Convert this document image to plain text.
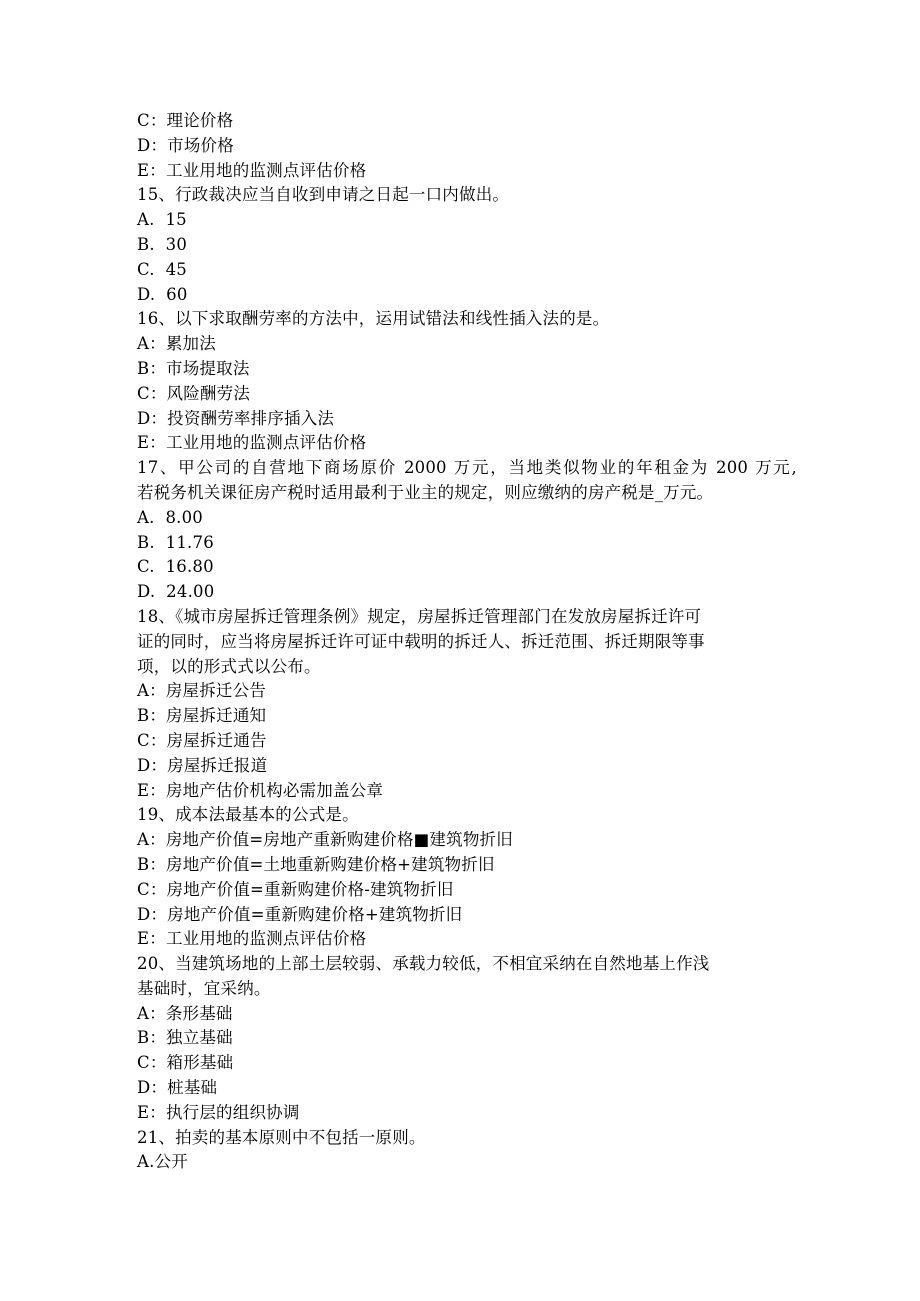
C：理论价格
D：市场价格
E：工业用地的监测点评估价格
15、行政裁决应当自收到申请之日起一口内做出。
A.  15
B.  30
C.  45
D.  60
16、以下求取酬劳率的方法中，运用试错法和线性插入法的是。
A：累加法
B：市场提取法
C：风险酬劳法
D：投资酬劳率排序插入法
E：工业用地的监测点评估价格
17、甲公司的自营地下商场原价 2000 万元，当地类似物业的年租金为 200 万元,
若税务机关课征房产税时适用最利于业主的规定，则应缴纳的房产税是_万元。
A.  8.00
B.  11.76
C.  16.80
D.  24.00
18、《城市房屋拆迁管理条例》规定，房屋拆迁管理部门在发放房屋拆迁许可
证的同时，应当将房屋拆迁许可证中载明的拆迁人、拆迁范围、拆迁期限等事
项，以的形式式以公布。
A：房屋拆迁公告
B：房屋拆迁通知
C：房屋拆迁通告
D：房屋拆迁报道
E：房地产估价机构必需加盖公章
19、成本法最基本的公式是。
A：房地产价值=房地产重新购建价格■建筑物折旧
B：房地产价值=土地重新购建价格+建筑物折旧
C：房地产价值=重新购建价格-建筑物折旧
D：房地产价值=重新购建价格+建筑物折旧
E：工业用地的监测点评估价格
20、当建筑场地的上部土层较弱、承载力较低，不相宜采纳在自然地基上作浅
基础时，宜采纳。
A：条形基础
B：独立基础
C：箱形基础
D：桩基础
E：执行层的组织协调
21、拍卖的基本原则中不包括一原则。
A.公开
